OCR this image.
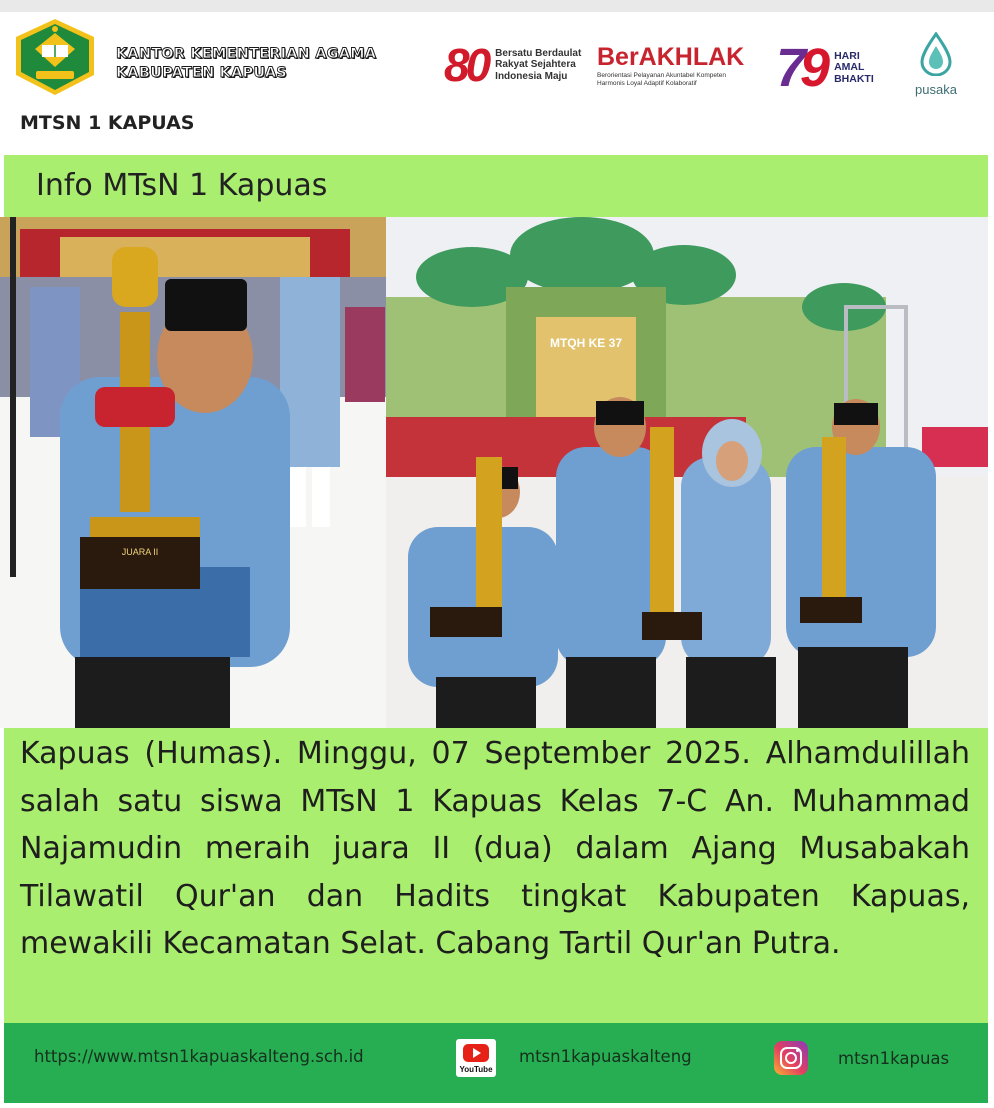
KANTOR KEMENTERIAN AGAMA
KABUPATEN KAPUAS
MTSN 1 KAPUAS
80 Bersatu Berdaulat
Rakyat Sejahtera
Indonesia Maju
BerAKHLAK
Berorientasi Pelayanan Akuntabel Kompeten
Harmonis Loyal Adaptif Kolaboratif	79 HARI
AMAL
BHAKTI
pusaka
Info MTsN 1 Kapuas
JUARA II
MTQH KE 37

Kapuas (Humas). Minggu, 07 September 2025. Alhamdulillah salah satu siswa MTsN 1 Kapuas Kelas 7-C An. Muhammad Najamudin meraih juara II (dua) dalam Ajang Musabakah  Tilawatil Qur'an dan Hadits tingkat Kabupaten Kapuas, mewakili Kecamatan Selat. Cabang Tartil Qur'an Putra.

https://www.mtsn1kapuaskalteng.sch.id
YouTube
mtsn1kapuaskalteng	mtsn1kapuas
